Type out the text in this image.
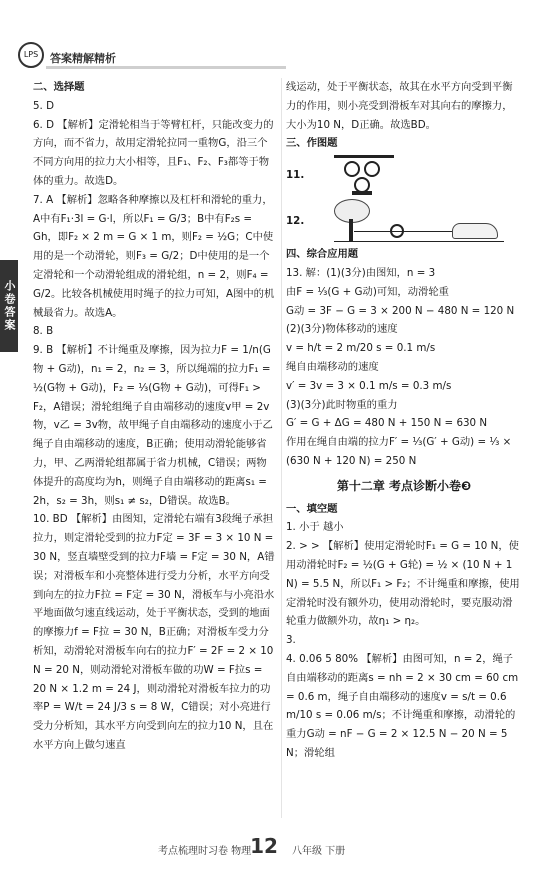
LPS	答案精解精析
小卷答案

二、选择题

5. D

6. D 【解析】定滑轮相当于等臂杠杆，只能改变力的方向，而不省力，故用定滑轮拉同一重物G，沿三个不同方向用的拉力大小相等，且F₁、F₂、F₃都等于物体的重力。故选D。

7. A 【解析】忽略各种摩擦以及杠杆和滑轮的重力，A中有F₁·3l = G·l，所以F₁ = G/3；B中有F₂s = Gh，即F₂ × 2 m = G × 1 m，则F₂ = ½G；C中使用的是一个动滑轮，则F₃ = G/2；D中使用的是一个定滑轮和一个动滑轮组成的滑轮组，n = 2，则F₄ = G/2。比较各机械使用时绳子的拉力可知，A图中的机械最省力。故选A。

8. B

9. B 【解析】不计绳重及摩擦，因为拉力F = 1/n(G物 + G动)，n₁ = 2，n₂ = 3，所以绳端的拉力F₁ = ½(G物 + G动)，F₂ = ⅓(G物 + G动)，可得F₁ > F₂，A错误；滑轮组绳子自由端移动的速度v甲 = 2v物，v乙 = 3v物，故甲绳子自由端移动的速度小于乙绳子自由端移动的速度，B正确；使用动滑轮能够省力，甲、乙两滑轮组都属于省力机械，C错误；两物体提升的高度均为h，则绳子自由端移动的距离s₁ = 2h，s₂ = 3h，则s₁ ≠ s₂，D错误。故选B。

10. BD 【解析】由图知，定滑轮右端有3段绳子承担拉力，则定滑轮受到的拉力F定 = 3F = 3 × 10 N = 30 N，竖直墙壁受到的拉力F墙 = F定 = 30 N，A错误；对滑板车和小亮整体进行受力分析，水平方向受到向左的拉力F拉 = F定 = 30 N，滑板车与小亮沿水平地面做匀速直线运动，处于平衡状态，受到的地面的摩擦力f = F拉 = 30 N，B正确；对滑板车受力分析知，动滑轮对滑板车向右的拉力F′ = 2F = 2 × 10 N = 20 N，则动滑轮对滑板车做的功W = F拉s = 20 N × 1.2 m = 24 J，则动滑轮对滑板车拉力的功率P = W/t = 24 J/3 s = 8 W，C错误；对小亮进行受力分析知，其水平方向受到向左的拉力10 N，且在水平方向上做匀速直

线运动，处于平衡状态，故其在水平方向受到平衡力的作用，则小亮受到滑板车对其向右的摩擦力，大小为10 N，D正确。故选BD。

三、作图题

11.
12.

四、综合应用题

13. 解：(1)(3分)由图知，n = 3

由F = ⅓(G + G动)可知，动滑轮重

G动 = 3F − G = 3 × 200 N − 480 N = 120 N

(2)(3分)物体移动的速度

v = h/t = 2 m/20 s = 0.1 m/s

绳自由端移动的速度

v′ = 3v = 3 × 0.1 m/s = 0.3 m/s

(3)(3分)此时物重的重力

G′ = G + ΔG = 480 N + 150 N = 630 N

作用在绳自由端的拉力F′ = ⅓(G′ + G动) = ⅓ × (630 N + 120 N) = 250 N

第十二章 考点诊断小卷❸

一、填空题

1. 小于 越小

2. > > 【解析】使用定滑轮时F₁ = G = 10 N，使用动滑轮时F₂ = ½(G + G轮) = ½ × (10 N + 1 N) = 5.5 N，所以F₁ > F₂；不计绳重和摩擦，使用定滑轮时没有额外功，使用动滑轮时，要克服动滑轮重力做额外功，故η₁ > η₂。

3.

4. 0.06 5 80% 【解析】由图可知，n = 2，绳子自由端移动的距离s = nh = 2 × 30 cm = 60 cm = 0.6 m，绳子自由端移动的速度v = s/t = 0.6 m/10 s = 0.06 m/s；不计绳重和摩擦，动滑轮的重力G动 = nF − G = 2 × 12.5 N − 20 N = 5 N；滑轮组

考点梳理时习卷 物理
12	八年级 下册
